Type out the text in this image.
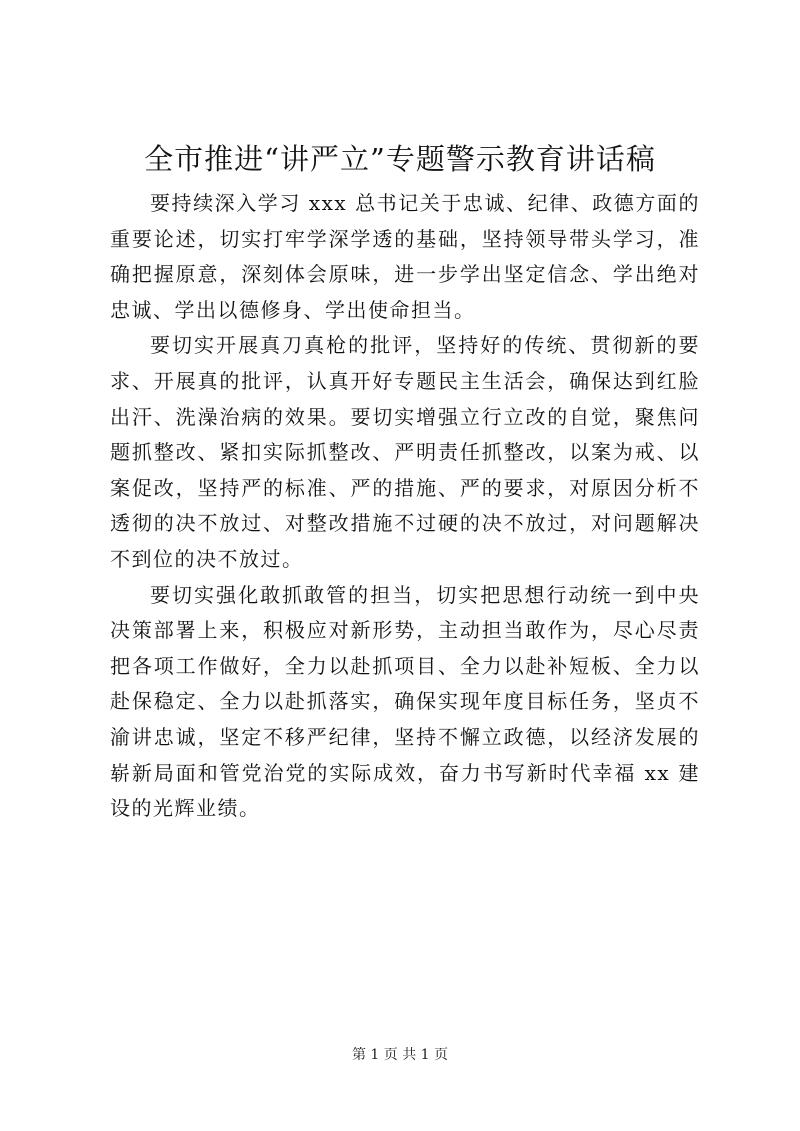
全市推进“讲严立”专题警示教育讲话稿

要持续深入学习 xxx 总书记关于忠诚、纪律、政德方面的重要论述，切实打牢学深学透的基础，坚持领导带头学习，准确把握原意，深刻体会原味，进一步学出坚定信念、学出绝对忠诚、学出以德修身、学出使命担当。

要切实开展真刀真枪的批评，坚持好的传统、贯彻新的要求、开展真的批评，认真开好专题民主生活会，确保达到红脸出汗、洗澡治病的效果。要切实增强立行立改的自觉，聚焦问题抓整改、紧扣实际抓整改、严明责任抓整改，以案为戒、以案促改，坚持严的标准、严的措施、严的要求，对原因分析不透彻的决不放过、对整改措施不过硬的决不放过，对问题解决不到位的决不放过。

要切实强化敢抓敢管的担当，切实把思想行动统一到中央决策部署上来，积极应对新形势，主动担当敢作为，尽心尽责把各项工作做好，全力以赴抓项目、全力以赴补短板、全力以赴保稳定、全力以赴抓落实，确保实现年度目标任务，坚贞不渝讲忠诚，坚定不移严纪律，坚持不懈立政德，以经济发展的崭新局面和管党治党的实际成效，奋力书写新时代幸福 xx 建设的光辉业绩。

第 1 页 共 1 页
